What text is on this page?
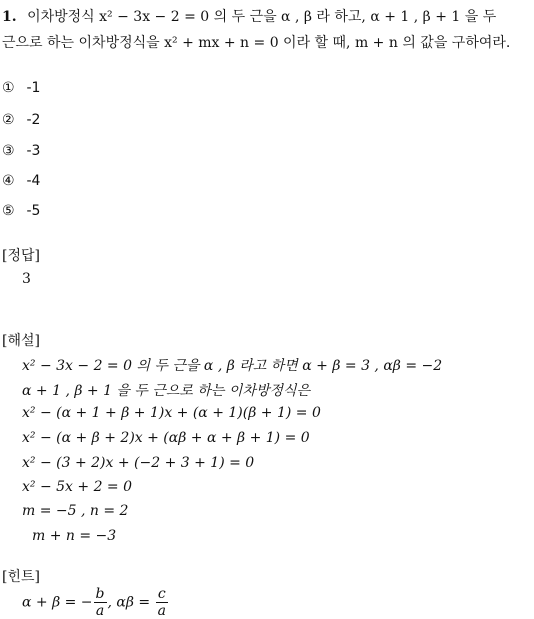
1. 이차방정식 x² − 3x − 2 = 0 의 두 근을 α , β 라 하고, α + 1 , β + 1 을 두
근으로 하는 이차방정식을 x² + mx + n = 0 이라 할 때, m + n 의 값을 구하여라.
① -1
② -2
③ -3
④ -4
⑤ -5
[정답]
3
[해설]
x² − 3x − 2 = 0 의 두 근을 α , β 라고 하면 α + β = 3 , αβ = −2
α + 1 , β + 1 을 두 근으로 하는 이차방정식은
x² − (α + 1 + β + 1)x + (α + 1)(β + 1) = 0
x² − (α + β + 2)x + (αβ + α + β + 1) = 0
x² − (3 + 2)x + (−2 + 3 + 1) = 0
x² − 5x + 2 = 0
m = −5 , n = 2
m + n = −3
[힌트]
α + β = − $\frac{b}{a}$ , $\alpha\beta = \frac{c}{a}$
